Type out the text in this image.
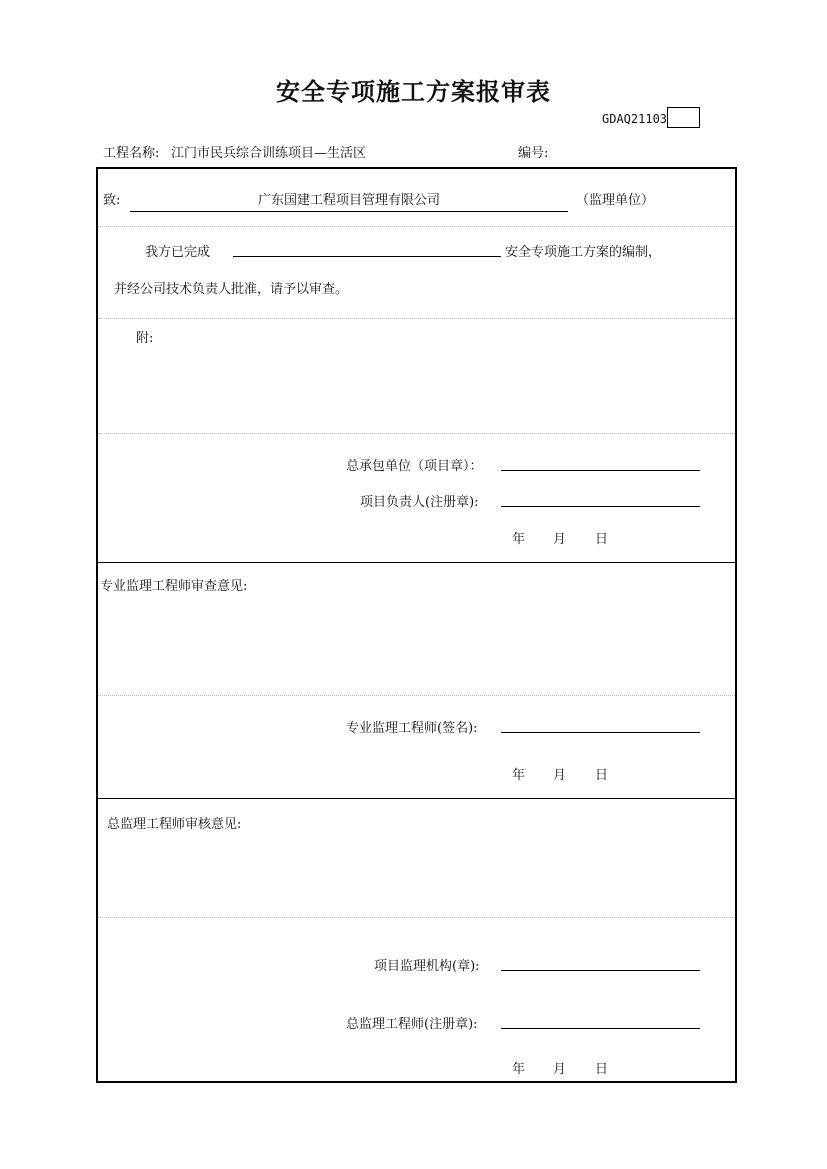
安全专项施工方案报审表
GDAQ21103
工程名称: 江门市民兵综合训练项目—生活区	编号:
致:	广东国建工程项目管理有限公司	（监理单位）
我方已完成	安全专项施工方案的编制，
并经公司技术负责人批准，请予以审查。
附:
总承包单位（项目章）：
项目负责人(注册章):
年 月 日
专业监理工程师审查意见:
专业监理工程师(签名):
年 月 日
总监理工程师审核意见:
项目监理机构(章):
总监理工程师(注册章):
年 月 日
